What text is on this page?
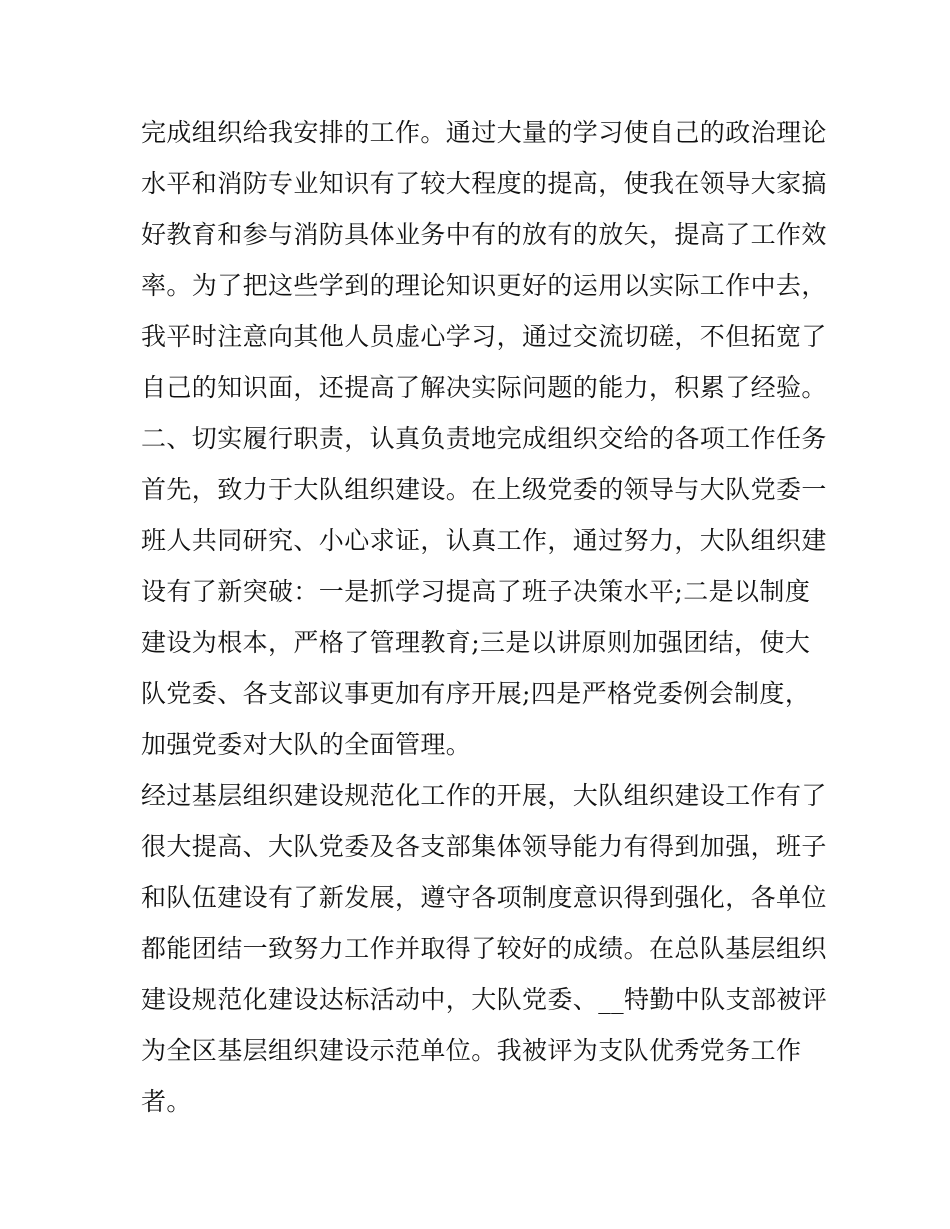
完成组织给我安排的工作。通过大量的学习使自己的政治理论
水平和消防专业知识有了较大程度的提高，使我在领导大家搞
好教育和参与消防具体业务中有的放有的放矢，提高了工作效
率。为了把这些学到的理论知识更好的运用以实际工作中去，
我平时注意向其他人员虚心学习，通过交流切磋，不但拓宽了
自己的知识面，还提高了解决实际问题的能力，积累了经验。
二、切实履行职责，认真负责地完成组织交给的各项工作任务
首先，致力于大队组织建设。在上级党委的领导与大队党委一
班人共同研究、小心求证，认真工作，通过努力，大队组织建
设有了新突破：一是抓学习提高了班子决策水平;二是以制度
建设为根本，严格了管理教育;三是以讲原则加强团结，使大
队党委、各支部议事更加有序开展;四是严格党委例会制度，
加强党委对大队的全面管理。
经过基层组织建设规范化工作的开展，大队组织建设工作有了
很大提高、大队党委及各支部集体领导能力有得到加强，班子
和队伍建设有了新发展，遵守各项制度意识得到强化，各单位
都能团结一致努力工作并取得了较好的成绩。在总队基层组织
建设规范化建设达标活动中，大队党委、__特勤中队支部被评
为全区基层组织建设示范单位。我被评为支队优秀党务工作
者。
